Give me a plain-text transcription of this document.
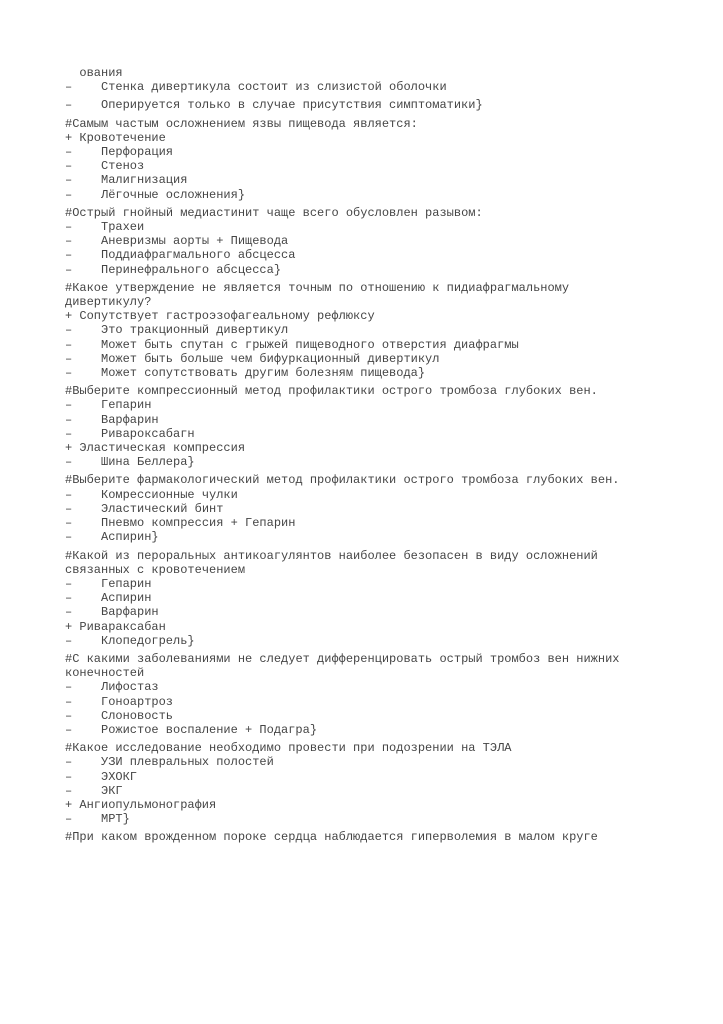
ования
– Стенка дивертикула состоит из слизистой оболочки
– Оперируется только в случае присутствия симптоматики}
#Самым частым осложнением язвы пищевода является:
+ Кровотечение
– Перфорация
– Стеноз
– Малигнизация
– Лёгочные осложнения}
#Острый гнойный медиастинит чаще всего обусловлен разывом:
– Трахеи
– Аневризмы аорты + Пищевода
– Поддиафрагмального абсцесса
– Перинефрального абсцесса}
#Какое утверждение не является точным по отношению к пидиафрагмальному
дивертикулу?
+ Сопутствует гастроэзофагеальному рефлюксу
– Это тракционный дивертикул
– Может быть спутан с грыжей пищеводного отверстия диафрагмы
– Может быть больше чем бифуркационный дивертикул
– Может сопутствовать другим болезням пищевода}
#Выберите компрессионный метод профилактики острого тромбоза глубоких вен.
– Гепарин
– Варфарин
– Ривароксабагн
+ Эластическая компрессия
– Шина Беллера}
#Выберите фармакологический метод профилактики острого тромбоза глубоких вен.
– Комрессионные чулки
– Эластический бинт
– Пневмо компрессия + Гепарин
– Аспирин}
#Какой из пероральных антикоагулянтов наиболее безопасен в виду осложнений
связанных с кровотечением
– Гепарин
– Аспирин
– Варфарин
+ Ривараксабан
– Клопедогрель}
#С какими заболеваниями не следует дифференцировать острый тромбоз вен нижних
конечностей
– Лифостаз
– Гоноартроз
– Слоновость
– Рожистое воспаление + Подагра}
#Какое исследование необходимо провести при подозрении на ТЭЛА
– УЗИ плевральных полостей
– ЭХОКГ
– ЭКГ
+ Ангиопульмонография
– МРТ}
#При каком врожденном пороке сердца наблюдается гиперволемия в малом круге
